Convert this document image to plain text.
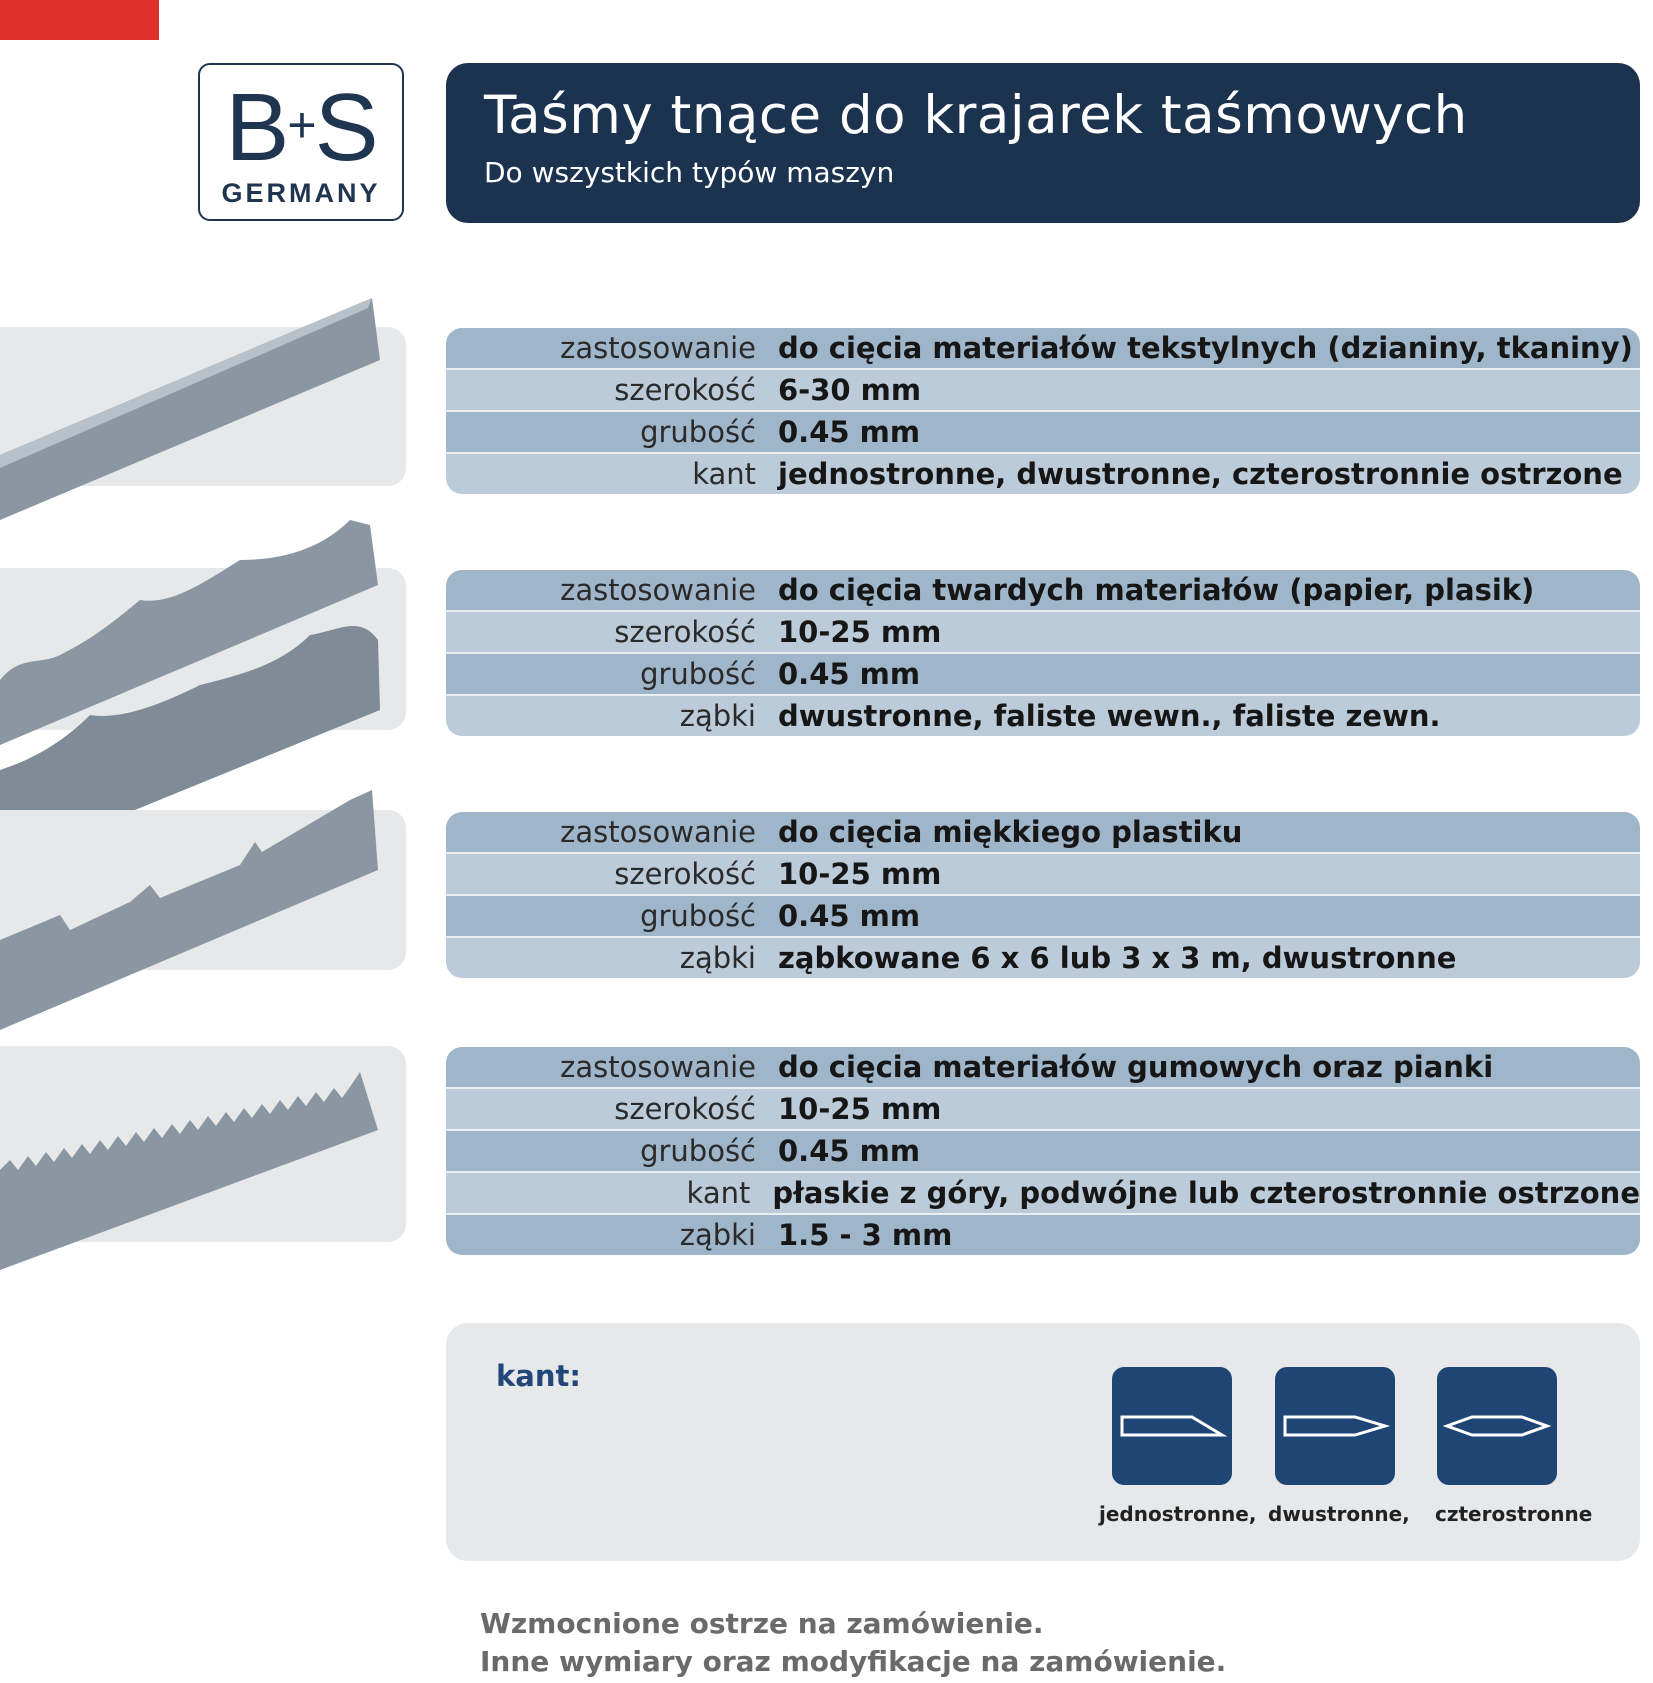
B+S
GERMANY
Taśmy tnące do krajarek taśmowych
Do wszystkich typów maszyn
zastosowanie do cięcia materiałów tekstylnych (dzianiny, tkaniny)
szerokość 6-30 mm
grubość 0.45 mm
kant jednostronne, dwustronne, czterostronnie ostrzone
zastosowanie do cięcia twardych materiałów (papier, plasik)
szerokość 10-25 mm
grubość 0.45 mm
ząbki dwustronne, faliste wewn., faliste zewn.
zastosowanie do cięcia miękkiego plastiku
szerokość 10-25 mm
grubość 0.45 mm
ząbki ząbkowane 6 x 6 lub 3 x 3 m, dwustronne
zastosowanie do cięcia materiałów gumowych oraz pianki
szerokość 10-25 mm
grubość 0.45 mm
kant płaskie z góry, podwójne lub czterostronnie ostrzone
ząbki 1.5 - 3 mm
kant:
jednostronne, dwustronne, czterostronne
Wzmocnione ostrze na zamówienie.
Inne wymiary oraz modyfikacje na zamówienie.
